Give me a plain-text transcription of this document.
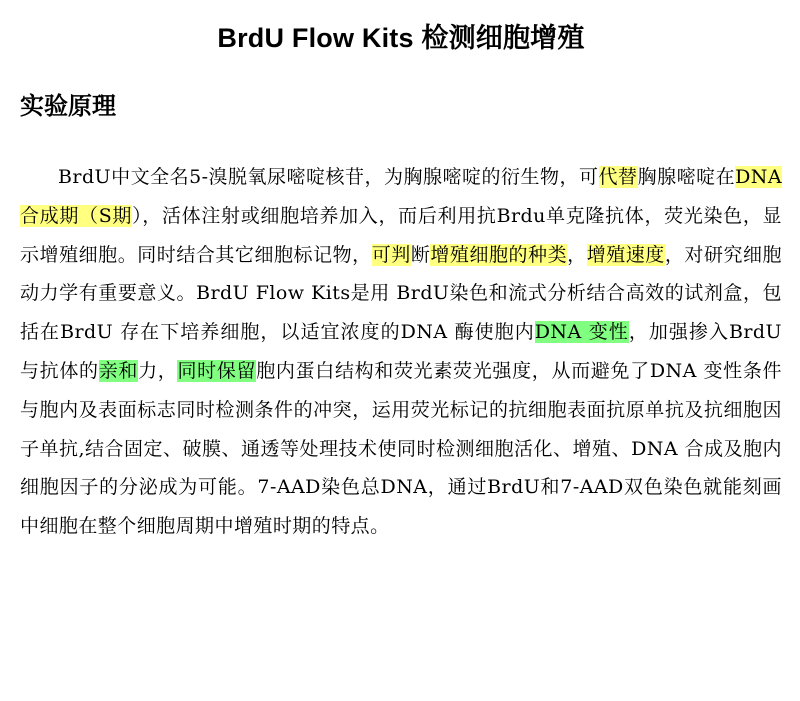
BrdU Flow Kits 检测细胞增殖
实验原理

BrdU中文全名5-溴脱氧尿嘧啶核苷，为胸腺嘧啶的衍生物，可代替胸腺嘧啶在DNA合成期（S期），活体注射或细胞培养加入，而后利用抗Brdu单克隆抗体，荧光染色，显示增殖细胞。同时结合其它细胞标记物，可判断增殖细胞的种类，增殖速度，对研究细胞动力学有重要意义。BrdU Flow Kits是用 BrdU染色和流式分析结合高效的试剂盒，包括在BrdU 存在下培养细胞，以适宜浓度的DNA 酶使胞内DNA 变性，加强掺入BrdU 与抗体的亲和力，同时保留胞内蛋白结构和荧光素荧光强度，从而避免了DNA 变性条件与胞内及表面标志同时检测条件的冲突，运用荧光标记的抗细胞表面抗原单抗及抗细胞因子单抗,结合固定、破膜、通透等处理技术使同时检测细胞活化、增殖、DNA 合成及胞内细胞因子的分泌成为可能。7-AAD染色总DNA，通过BrdU和7-AAD双色染色就能刻画中细胞在整个细胞周期中增殖时期的特点。
